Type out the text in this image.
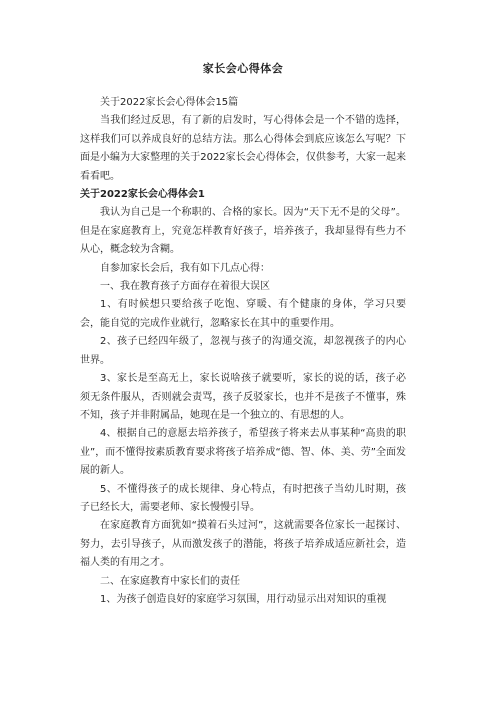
家长会心得体会

关于2022家长会心得体会15篇

当我们经过反思，有了新的启发时，写心得体会是一个不错的选择，这样我们可以养成良好的总结方法。那么心得体会到底应该怎么写呢？下面是小编为大家整理的关于2022家长会心得体会，仅供参考，大家一起来看看吧。

关于2022家长会心得体会1

我认为自己是一个称职的、合格的家长。因为“天下无不是的父母”。但是在家庭教育上，究竟怎样教育好孩子，培养孩子，我却显得有些力不从心，概念较为含糊。

自参加家长会后，我有如下几点心得：

一、我在教育孩子方面存在着很大误区

1、有时候想只要给孩子吃饱、穿暖、有个健康的身体，学习只要会，能自觉的完成作业就行，忽略家长在其中的重要作用。

2、孩子已经四年级了，忽视与孩子的沟通交流，却忽视孩子的内心世界。

3、家长是至高无上，家长说啥孩子就要听，家长的说的话，孩子必须无条件服从，否则就会责骂，孩子反驳家长，也并不是孩子不懂事，殊不知，孩子并非附属品，她现在是一个独立的、有思想的人。

4、根据自己的意愿去培养孩子，希望孩子将来去从事某种“高贵的职业”，而不懂得按素质教育要求将孩子培养成“德、智、体、美、劳”全面发展的新人。

5、不懂得孩子的成长规律、身心特点，有时把孩子当幼儿时期，孩子已经长大，需要老师、家长慢慢引导。

在家庭教育方面犹如“摸着石头过河”，这就需要各位家长一起探讨、努力，去引导孩子，从而激发孩子的潜能，将孩子培养成适应新社会，造福人类的有用之才。

二、在家庭教育中家长们的责任

1、为孩子创造良好的家庭学习氛围，用行动显示出对知识的重视
